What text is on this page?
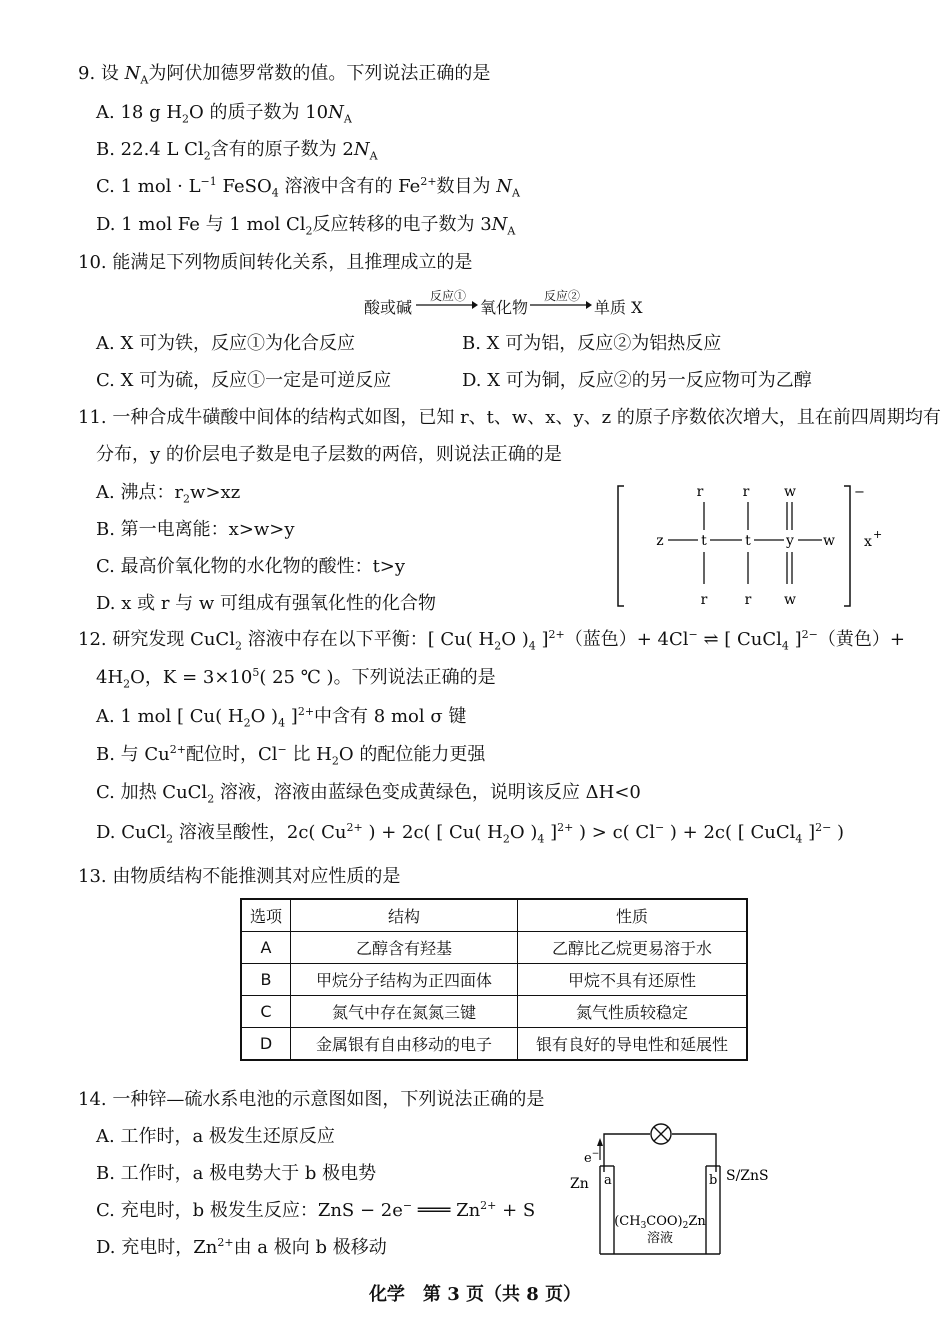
9. 设 $N_A$为阿伏加德罗常数的值。下列说法正确的是
A. 18 g $H_2O$ 的质子数为 $10N_A$
B. 22.4 L $Cl_2$含有的原子数为 $2N_A$
C. 1 mol · $L^{-1}$ FeSO$_4$ 溶液中含有的 $Fe^{2+}$数目为 $N_A$
D. 1 mol Fe 与 1 mol $Cl_2$反应转移的电子数为 $3N_A$
10. 能满足下列物质间转化关系，且推理成立的是
酸或碱
反应①
氧化物
反应②
单质 X
A. X 可为铁，反应①为化合反应	B. X 可为铝，反应②为铝热反应
C. X 可为硫，反应①一定是可逆反应	D. X 可为铜，反应②的另一反应物可为乙醇
11. 一种合成牛磺酸中间体的结构式如图，已知 r、t、w、x、y、z 的原子序数依次增大，且在前四周期均有
分布，y 的价层电子数是电子层数的两倍，则说法正确的是
A. 沸点：$r_2w>xz$
B. 第一电离能：x>w>y
C. 最高价氧化物的水化物的酸性：t>y
D. x 或 r 与 w 可组成有强氧化性的化合物
r	r w
z	t	t	y w
r	r w
−
x +
12. 研究发现 CuCl$_2$ 溶液中存在以下平衡：[ Cu( $H_2O$ )$_4$ ]$^{2+}$（蓝色）+ 4Cl− ⇌ [ CuCl$_4$ ]$^{2-}$（黄色）+
$4H_2O$，$K = 3\times 10^5$( 25 ℃ )。下列说法正确的是
A. 1 mol [ Cu( $H_2O$ )$_4$ ]$^{2+}$中含有 8 mol σ 键
B. 与 $Cu^{2+}$配位时，Cl− 比 $H_2O$ 的配位能力更强
C. 加热 CuCl$_2$ 溶液，溶液由蓝绿色变成黄绿色，说明该反应 ΔH<0
D. CuCl$_2$ 溶液呈酸性，2c( $Cu^{2+}$ ) + 2c( [ Cu( $H_2O$ )$_4$ ]$^{2+}$ ) > c( Cl− ) + 2c( [ CuCl$_4$ ]$^{2-}$ )
13. 由物质结构不能推测其对应性质的是
选项	结构	性质
A	乙醇含有羟基	乙醇比乙烷更易溶于水
B	甲烷分子结构为正四面体	甲烷不具有还原性
C	氮气中存在氮氮三键	氮气性质较稳定
D	金属银有自由移动的电子	银有良好的导电性和延展性
14. 一种锌—硫水系电池的示意图如图，下列说法正确的是
A. 工作时，a 极发生还原反应
B. 工作时，a 极电势大于 b 极电势
C. 充电时，b 极发生反应：ZnS − 2e− ═══ $Zn^{2+} + S$
D. 充电时，$Zn^{2+}$由 a 极向 b 极移动
e−
a	b
Zn	S/ZnS
$(CH_3COO)_2Zn$
溶液
化学　第 3 页（共 8 页）
